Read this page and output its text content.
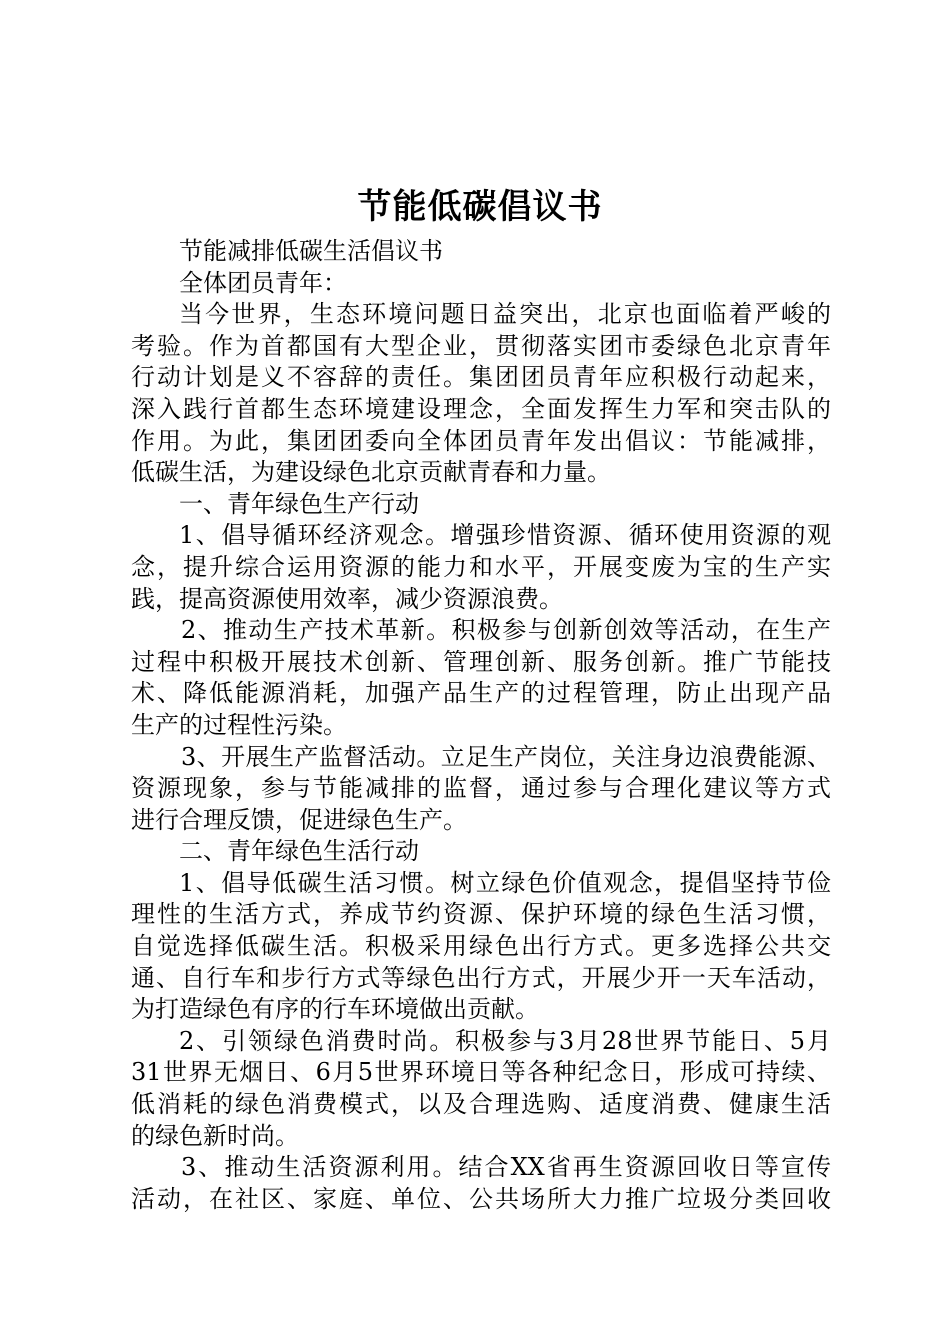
节能低碳倡议书
节能减排低碳生活倡议书
全体团员青年：
当今世界，生态环境问题日益突出，北京也面临着严峻的
考验。作为首都国有大型企业，贯彻落实团市委绿色北京青年
行动计划是义不容辞的责任。集团团员青年应积极行动起来，
深入践行首都生态环境建设理念，全面发挥生力军和突击队的
作用。为此，集团团委向全体团员青年发出倡议：节能减排，
低碳生活，为建设绿色北京贡献青春和力量。
一、青年绿色生产行动
1、倡导循环经济观念。增强珍惜资源、循环使用资源的观
念，提升综合运用资源的能力和水平，开展变废为宝的生产实
践，提高资源使用效率，减少资源浪费。
2、推动生产技术革新。积极参与创新创效等活动，在生产
过程中积极开展技术创新、管理创新、服务创新。推广节能技
术、降低能源消耗，加强产品生产的过程管理，防止出现产品
生产的过程性污染。
3、开展生产监督活动。立足生产岗位，关注身边浪费能源、
资源现象，参与节能减排的监督，通过参与合理化建议等方式
进行合理反馈，促进绿色生产。
二、青年绿色生活行动
1、倡导低碳生活习惯。树立绿色价值观念，提倡坚持节俭
理性的生活方式，养成节约资源、保护环境的绿色生活习惯，
自觉选择低碳生活。积极采用绿色出行方式。更多选择公共交
通、自行车和步行方式等绿色出行方式，开展少开一天车活动，
为打造绿色有序的行车环境做出贡献。
2、引领绿色消费时尚。积极参与3月28世界节能日、5月
31世界无烟日、6月5世界环境日等各种纪念日，形成可持续、
低消耗的绿色消费模式，以及合理选购、适度消费、健康生活
的绿色新时尚。
3、推动生活资源利用。结合XX省再生资源回收日等宣传
活动，在社区、家庭、单位、公共场所大力推广垃圾分类回收
